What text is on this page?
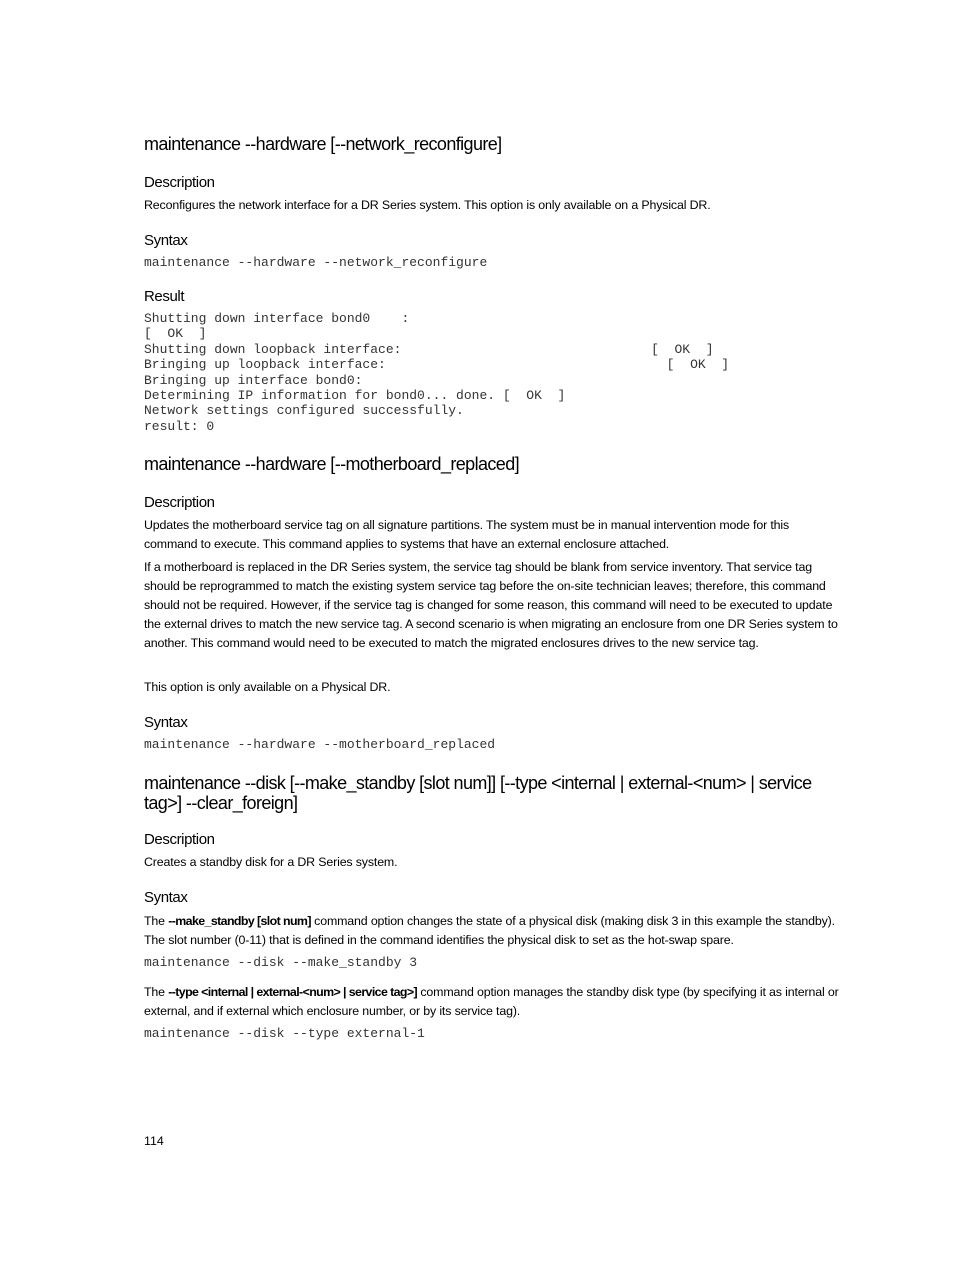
maintenance --hardware [--network_reconfigure]
Description

Reconfigures the network interface for a DR Series system. This option is only available on a Physical DR.

Syntax
maintenance --hardware --network_reconfigure
Result
Shutting down interface bond0    :
[  OK  ]
Shutting down loopback interface:                                [  OK  ]
Bringing up loopback interface:                                    [  OK  ]
Bringing up interface bond0:
Determining IP information for bond0... done. [  OK  ]
Network settings configured successfully.
result: 0
maintenance --hardware [--motherboard_replaced]
Description

Updates the motherboard service tag on all signature partitions. The system must be in manual intervention mode for this command to execute. This command applies to systems that have an external enclosure attached.

If a motherboard is replaced in the DR Series system, the service tag should be blank from service inventory. That service tag should be reprogrammed to match the existing system service tag before the on-site technician leaves; therefore, this command should not be required. However, if the service tag is changed for some reason, this command will need to be executed to update the external drives to match the new service tag. A second scenario is when migrating an enclosure from one DR Series system to another. This command would need to be executed to match the migrated enclosures drives to the new service tag.

This option is only available on a Physical DR.

Syntax
maintenance --hardware --motherboard_replaced
maintenance --disk [--make_standby [slot num]] [--type <internal | external-<num> | service tag>] --clear_foreign]
Description

Creates a standby disk for a DR Series system.

Syntax

The --make_standby [slot num] command option changes the state of a physical disk (making disk 3 in this example the standby). The slot number (0-11) that is defined in the command identifies the physical disk to set as the hot-swap spare.

maintenance --disk --make_standby 3

The --type <internal | external-<num> | service tag>] command option manages the standby disk type (by specifying it as internal or external, and if external which enclosure number, or by its service tag).

maintenance --disk --type external-1
114
